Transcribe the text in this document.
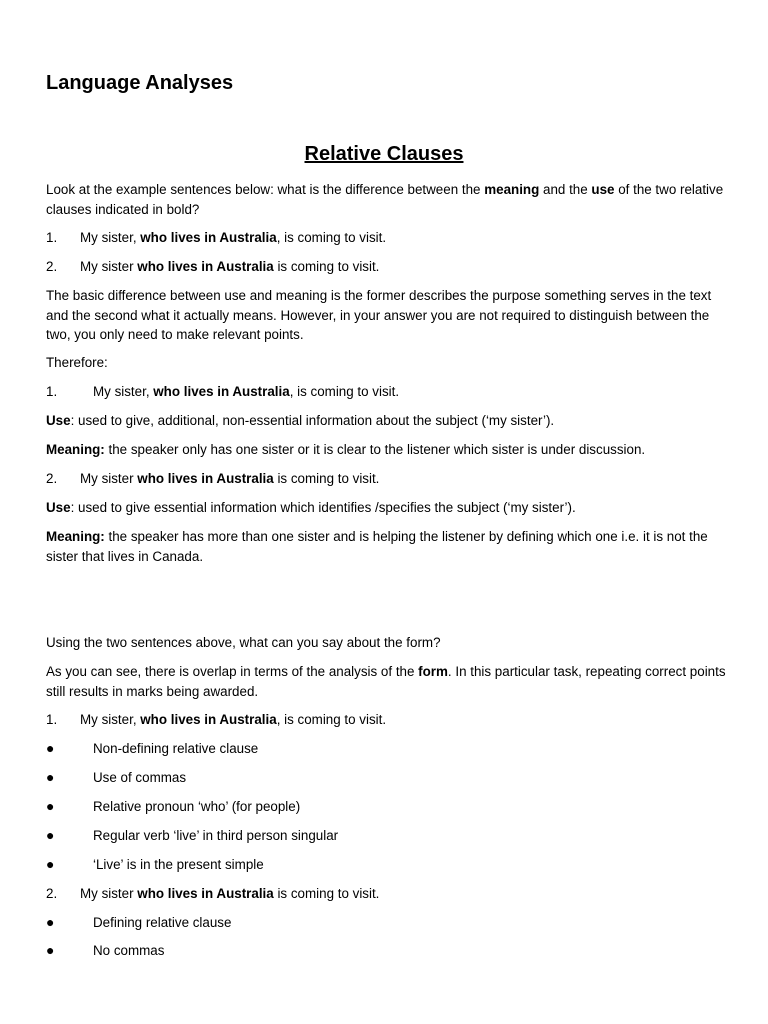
Language Analyses
Relative Clauses

Look at the example sentences below: what is the difference between the meaning and the use of the two relative clauses indicated in bold?

1. My sister, who lives in Australia, is coming to visit.
2. My sister who lives in Australia is coming to visit.

The basic difference between use and meaning is the former describes the purpose something serves in the text and the second what it actually means. However, in your answer you are not required to distinguish between the two, you only need to make relevant points.

Therefore:

1.	My sister, who lives in Australia, is coming to visit.

Use: used to give, additional, non-essential information about the subject (‘my sister’).

Meaning: the speaker only has one sister or it is clear to the listener which sister is under discussion.

2. My sister who lives in Australia is coming to visit.

Use: used to give essential information which identifies /specifies the subject (‘my sister’).

Meaning: the speaker has more than one sister and is helping the listener by defining which one i.e. it is not the sister that lives in Canada.

Using the two sentences above, what can you say about the form?

As you can see, there is overlap in terms of the analysis of the form. In this particular task, repeating correct points still results in marks being awarded.

1. My sister, who lives in Australia, is coming to visit.
●	Non-defining relative clause
●	Use of commas
●	Relative pronoun ‘who’ (for people)
●	Regular verb ‘live’ in third person singular
●	‘Live’ is in the present simple
2. My sister who lives in Australia is coming to visit.
●	Defining relative clause
●	No commas
